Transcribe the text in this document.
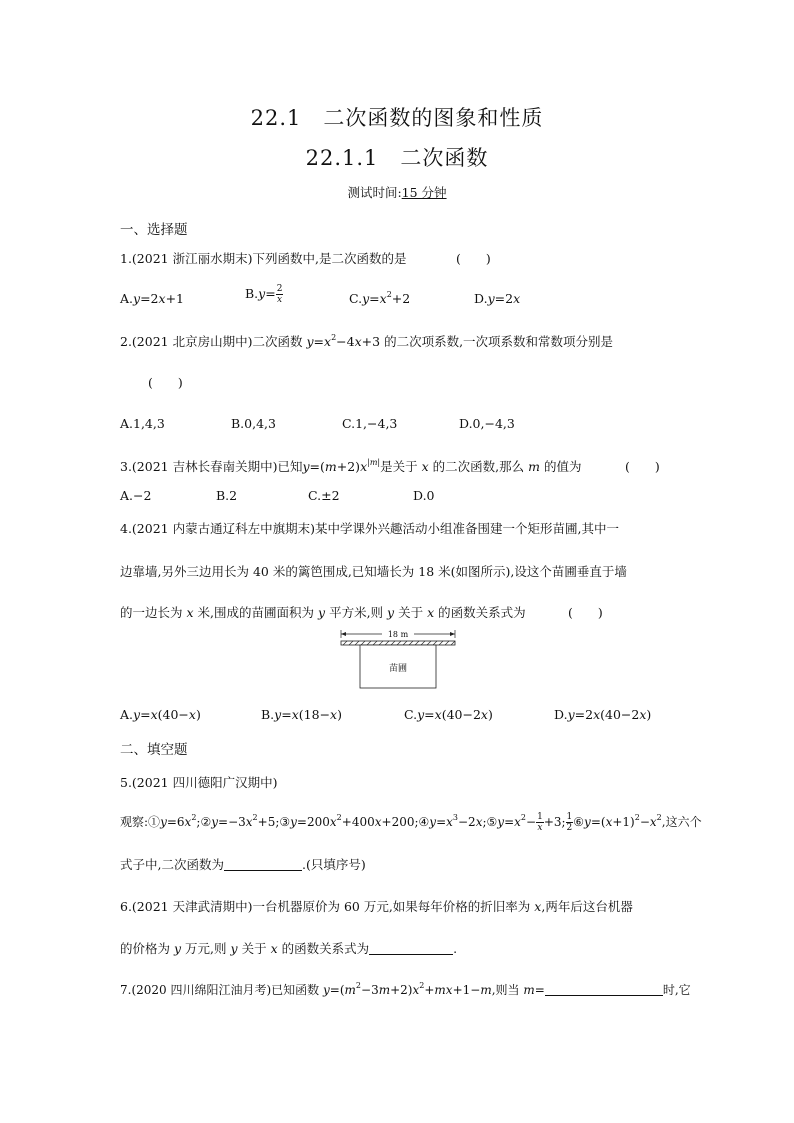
22.1　二次函数的图象和性质
22.1.1　二次函数
测试时间:15 分钟
一、选择题
1.(2021 浙江丽水期末)下列函数中,是二次函数的是	(　　)
A.y=2x+1	$B.y= \frac{2}{x}$	$C.y=x^2+2$	D.y=2x
2.(2021 北京房山期中)二次函数 $y=x^2-4x+3$ 的二次项系数,一次项系数和常数项分别是
(　　)
A.1,4,3	B.0,4,3	C.1,−4,3	D.0,−4,3
3.(2021 吉林长春南关期中)已知$y=(m+2)x^{|m|}$是关于 x 的二次函数,那么 m 的值为	(　　)
A.−2	B.2	C.±2	D.0
4.(2021 内蒙古通辽科左中旗期末)某中学课外兴趣活动小组准备围建一个矩形苗圃,其中一
边靠墙,另外三边用长为 40 米的篱笆围成,已知墙长为 18 米(如图所示),设这个苗圃垂直于墙
的一边长为 x 米,围成的苗圃面积为 y 平方米,则 y 关于 x 的函数关系式为	(　　)
18 m
苗圃
A.y=x(40−x)	B.y=x(18−x)	C.y=x(40−2x)	D.y=2x(40−2x)
二、填空题
5.(2021 四川德阳广汉期中)
观察$:①y=6x^2;②y=-3x^2+5;③y=200x^2+400x+200;④y=x^3-2x;⑤y=x^2- \frac{1}{x} +3$; $\frac{1}{2}$ $⑥y=(x+1)^2-x^2$,这六个
式子中,二次函数为	.(只填序号)
6.(2021 天津武清期中)一台机器原价为 60 万元,如果每年价格的折旧率为 x,两年后这台机器
的价格为 y 万元,则 y 关于 x 的函数关系式为	.
7.(2020 四川绵阳江油月考)已知函数 $y=(m^2-3m+2)x^2+mx+1-m$,则当 m=	时,它
